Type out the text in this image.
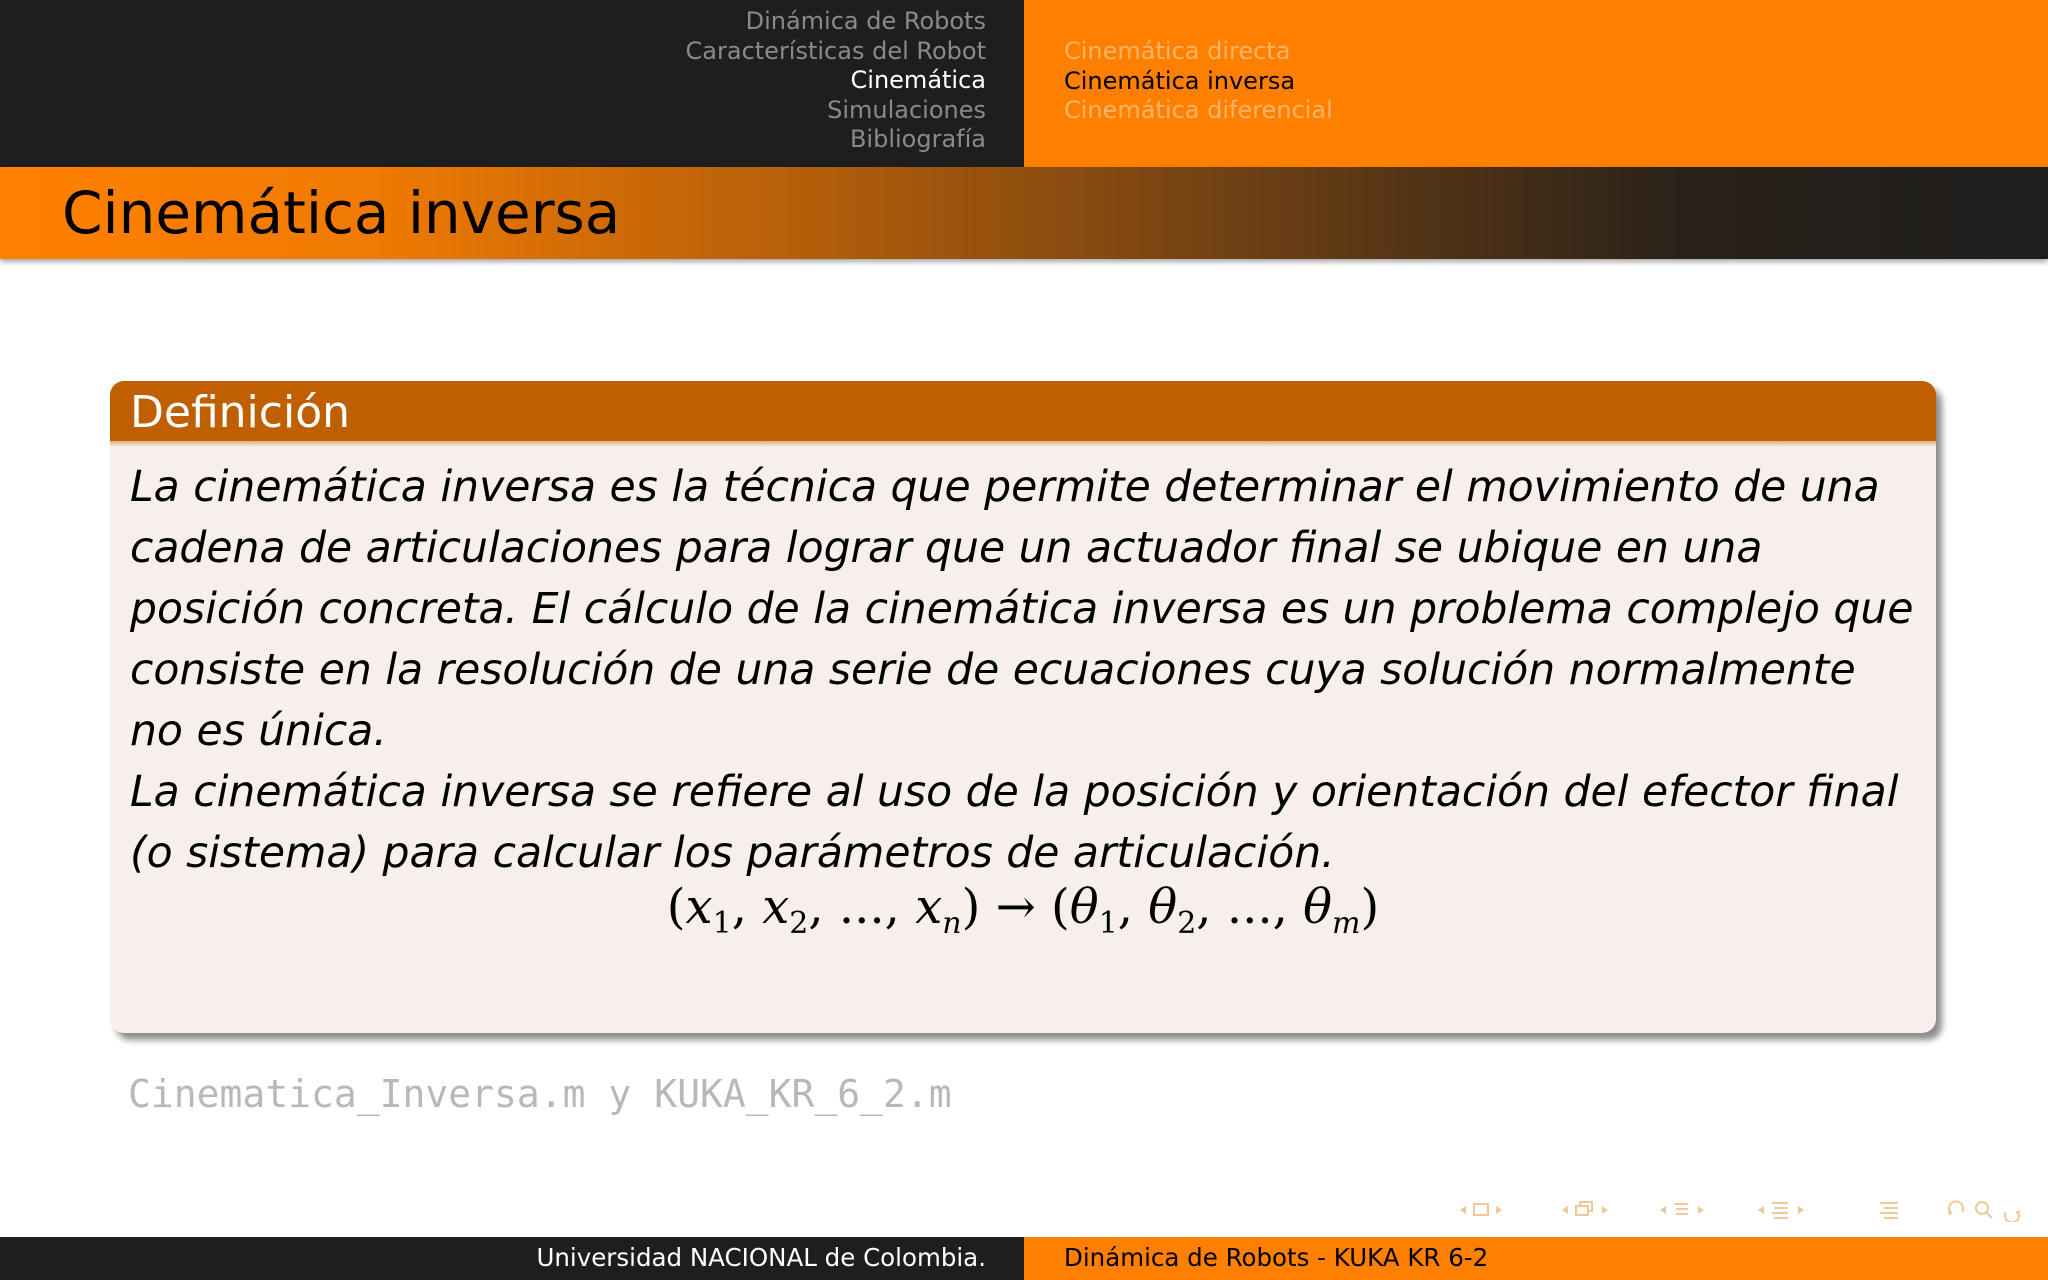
Dinámica de Robots
Características del Robot
Cinemática
Simulaciones
Bibliografía
Cinemática directa
Cinemática inversa
Cinemática diferencial
Cinemática inversa
Definición

La cinemática inversa es la técnica que permite determinar el movimiento de una cadena de articulaciones para lograr que un actuador final se ubique en una posición concreta. El cálculo de la cinemática inversa es un problema complejo que consiste en la resolución de una serie de ecuaciones cuya solución normalmente no es única.

La cinemática inversa se refiere al uso de la posición y orientación del efector final (o sistema) para calcular los parámetros de articulación.

($x_1$, $x_2$, ..., $x_n) \to (\theta_1$, $\theta_2$, ..., $\theta_m$)
Cinematica_Inversa.m y KUKA_KR_6_2.m
Universidad NACIONAL de Colombia.	Dinámica de Robots - KUKA KR 6-2
